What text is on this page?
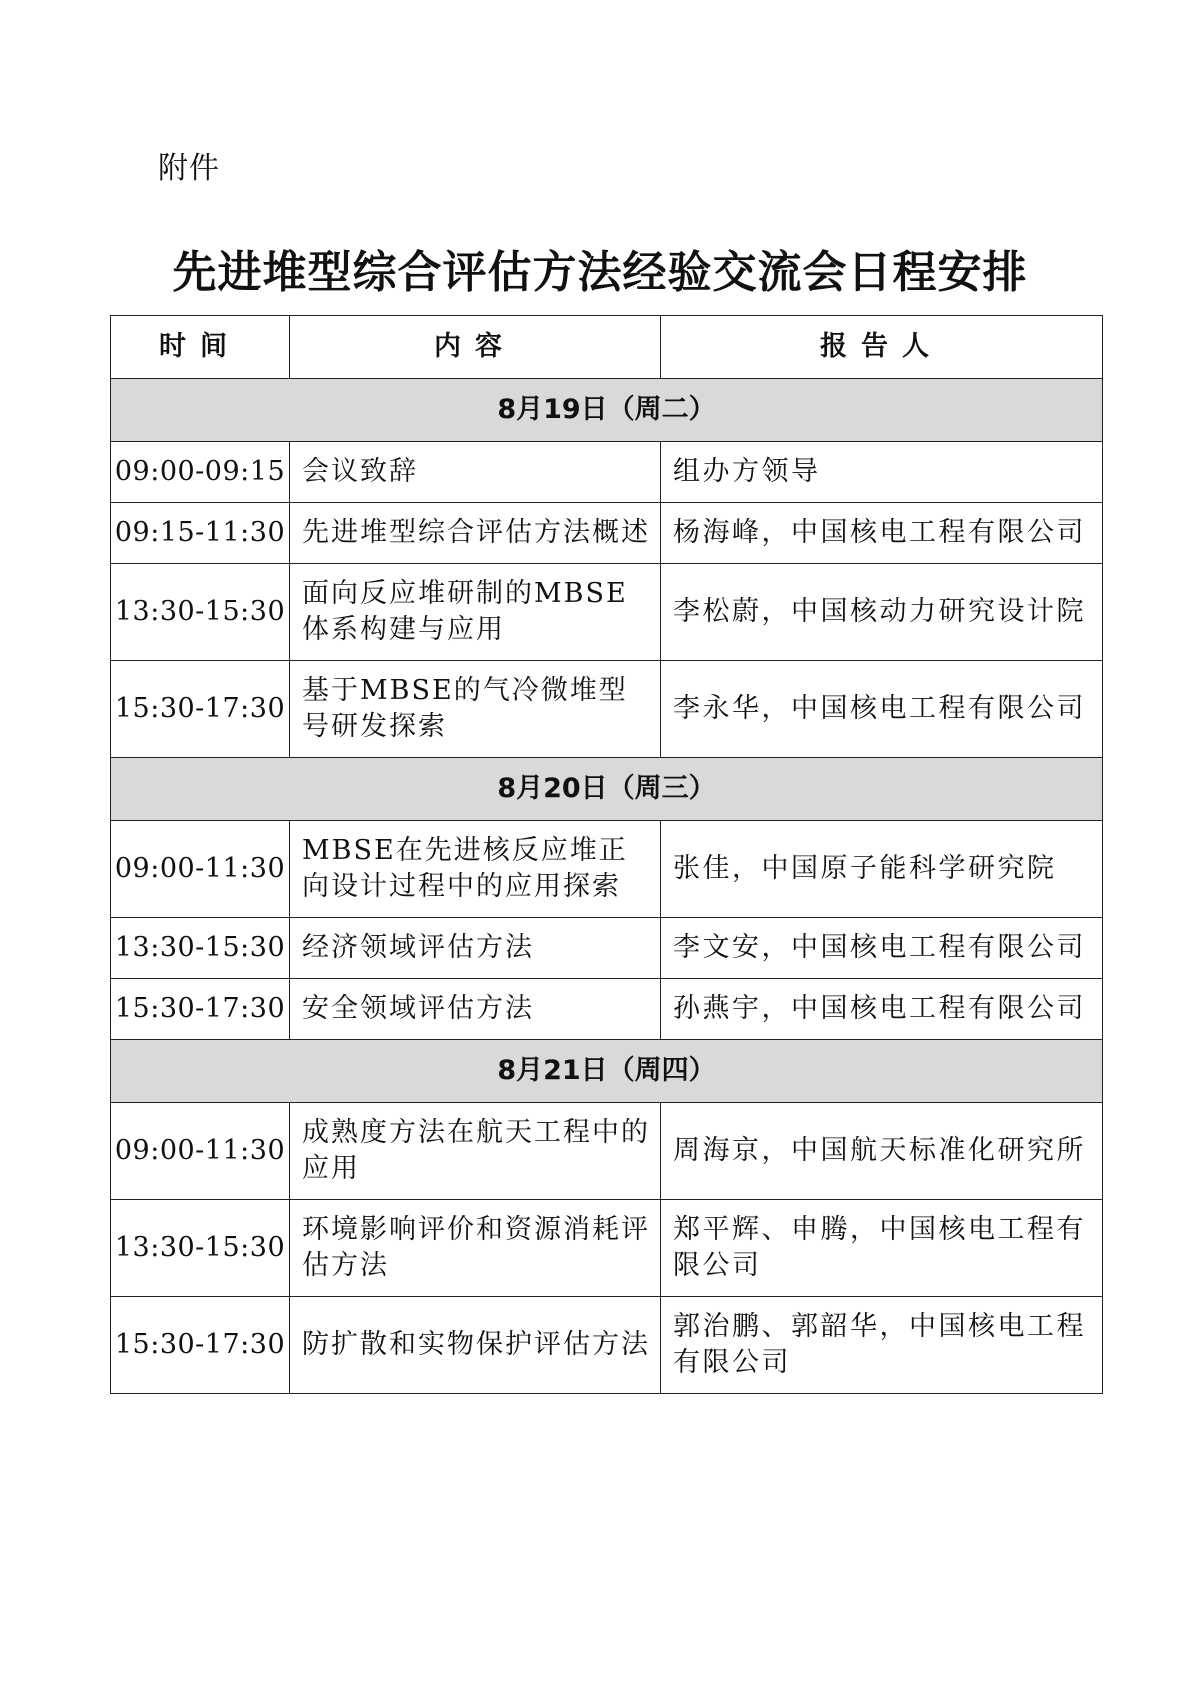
附件
先进堆型综合评估方法经验交流会日程安排
时间	内容	报告人
8月19日（周二）		
09:00-09:15	会议致辞	组办方领导
09:15-11:30	先进堆型综合评估方法概述	杨海峰，中国核电工程有限公司
13:30-15:30	面向反应堆研制的MBSE体系构建与应用	李松蔚，中国核动力研究设计院
15:30-17:30	基于MBSE的气冷微堆型号研发探索	李永华，中国核电工程有限公司
8月20日（周三）		
09:00-11:30	MBSE在先进核反应堆正向设计过程中的应用探索	张佳，中国原子能科学研究院
13:30-15:30	经济领域评估方法	李文安，中国核电工程有限公司
15:30-17:30	安全领域评估方法	孙燕宇，中国核电工程有限公司
8月21日（周四）		
09:00-11:30	成熟度方法在航天工程中的应用	周海京，中国航天标准化研究所
13:30-15:30	环境影响评价和资源消耗评估方法	郑平辉、申腾，中国核电工程有限公司
15:30-17:30	防扩散和实物保护评估方法	郭治鹏、郭韶华，中国核电工程有限公司
